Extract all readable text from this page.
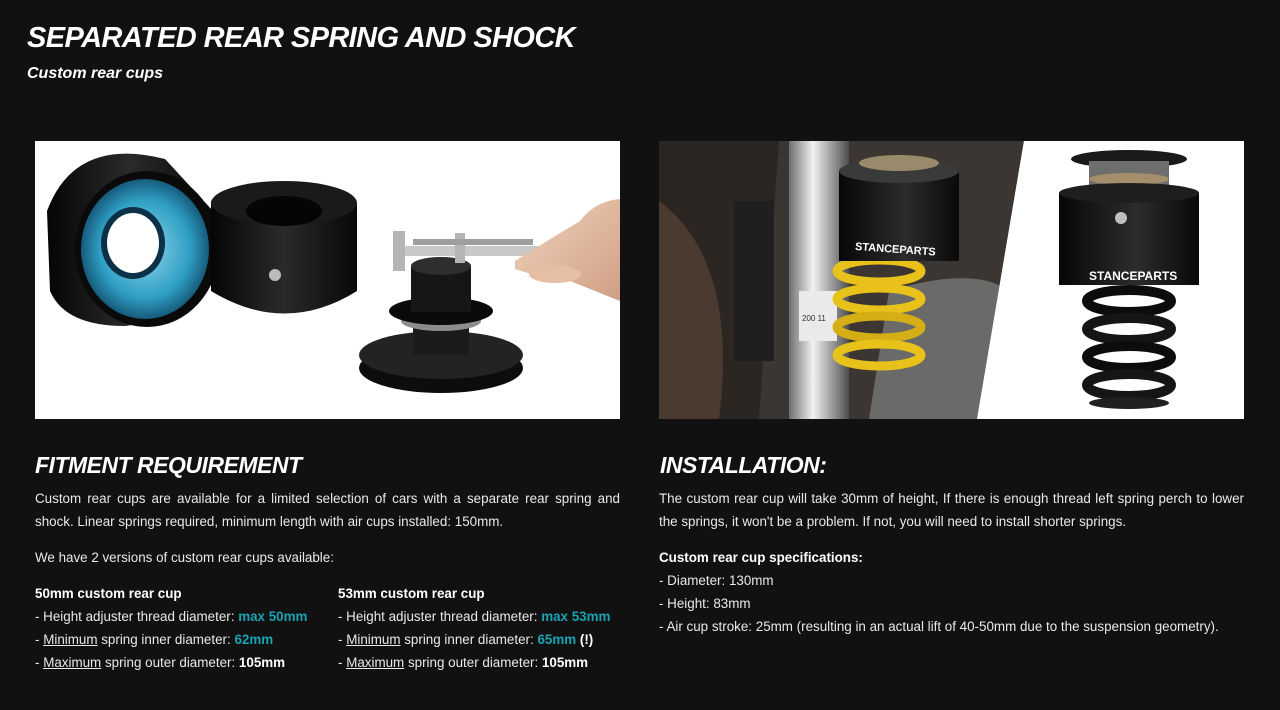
SEPARATED REAR SPRING AND SHOCK
Custom rear cups
STANCEPARTS	200 11
STANCEPARTS
STANCEPARTS
FITMENT REQUIREMENT

Custom rear cups are available for a limited selection of cars with a separate rear spring and shock. Linear springs required, minimum length with air cups installed: 150mm.

We have 2 versions of custom rear cups available:

50mm custom rear cup

- Height adjuster thread diameter: max 50mm

- Minimum spring inner diameter: 62mm

- Maximum spring outer diameter: 105mm

53mm custom rear cup

- Height adjuster thread diameter: max 53mm

- Minimum spring inner diameter: 65mm (!)

- Maximum spring outer diameter: 105mm

INSTALLATION:

The custom rear cup will take 30mm of height, If there is enough thread left spring perch to lower the springs, it won't be a problem. If not, you will need to install shorter springs.

Custom rear cup specifications:

- Diameter: 130mm

- Height: 83mm

- Air cup stroke: 25mm (resulting in an actual lift of 40-50mm due to the suspension geometry).
